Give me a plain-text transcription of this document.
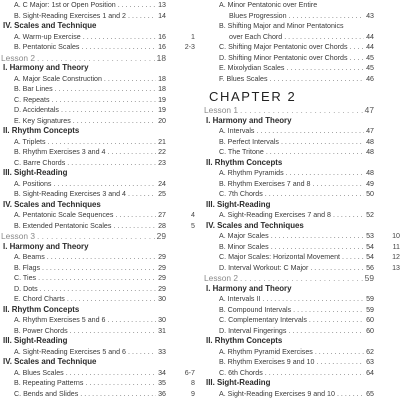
A. C Major: 1st or Open Position	13
. . .
B. Sight-Reading Exercises 1 and 2	14
. . .
IV. Scales and Technique
A. Warm-up Exercise	16 . . .	1
B. Pentatonic Scales	16 . . .	2-3
Lesson 2	18
. . .
I. Harmony and Theory
A. Major Scale Construction	18
. . .
B. Bar Lines	18
. . .
C. Repeats	19
. . .
D. Accidentals	19
. . .
E. Key Signatures	20
. . .
II. Rhythm Concepts
A. Triplets	21
. . .
B. Rhythm Exercises 3 and 4	22
. . .
C. Barre Chords	23
. . .
III. Sight-Reading
A. Positions	24
. . .
B. Sight-Reading Exercises 3 and 4	25
. . .
IV. Scales and Techniques
A. Pentatonic Scale Sequences	27 . . .	4
B. Extended Pentatonic Scales	28 . . .	5
Lesson 3	29
. . .
I. Harmony and Theory
A. Beams	29
. . .
B. Flags	29
. . .
C. Ties	29
. . .
D. Dots	29
. . .
E. Chord Charts	30
. . .
II. Rhythm Concepts
A. Rhythm Exercises 5 and 6	30
. . .
B. Power Chords	31
. . .
III. Sight-Reading
A. Sight-Reading Exercises 5 and 6	33
. . .
IV. Scales and Technique
A. Blues Scales	34 . . .	6-7
B. Repeating Patterns	35 . . .	8
C. Bends and Slides	36 . . .	9
A. Minor Pentatonic over Entire
Blues Progression	43
. . .
B. Shifting Major and Minor Pentatonics
over Each Chord	44
. . .
C. Shifting Major Pentatonic over Chords	44
. . .
D. Shifting Minor Pentatonic over Chords	45
. . .
E. Mixolydian Scales	45
. . .
F. Blues Scales	46
. . .
CHAPTER 2
Lesson 1	47
. . .
I. Harmony and Theory
A. Intervals	47
. . .
B. Perfect Intervals	48
. . .
C. The Tritone	48
. . .
II. Rhythm Concepts
A. Rhythm Pyramids	48
. . .
B. Rhythm Exercises 7 and 8	49
. . .
C. 7th Chords	50
. . .
III. Sight-Reading
A. Sight-Reading Exercises 7 and 8	52
. . .
IV. Scales and Techniques
A. Major Scales	53 . . .	10
B. Minor Scales	54 . . .	11
C. Major Scales: Horizontal Movement	54 . . .	12
D. Interval Workout: C Major	56 . . .	13
Lesson 2	59
. . .
I. Harmony and Theory
A. Intervals II	59
. . .
B. Compound Intervals	59
. . .
C. Complementary Intervals	60
. . .
D. Interval Fingerings	60
. . .
II. Rhythm Concepts
A. Rhythm Pyramid Exercises	62
. . .
B. Rhythm Exercises 9 and 10	63
. . .
C. 6th Chords	64
. . .
III. Sight-Reading
A. Sight-Reading Exercises 9 and 10	65
. . .
